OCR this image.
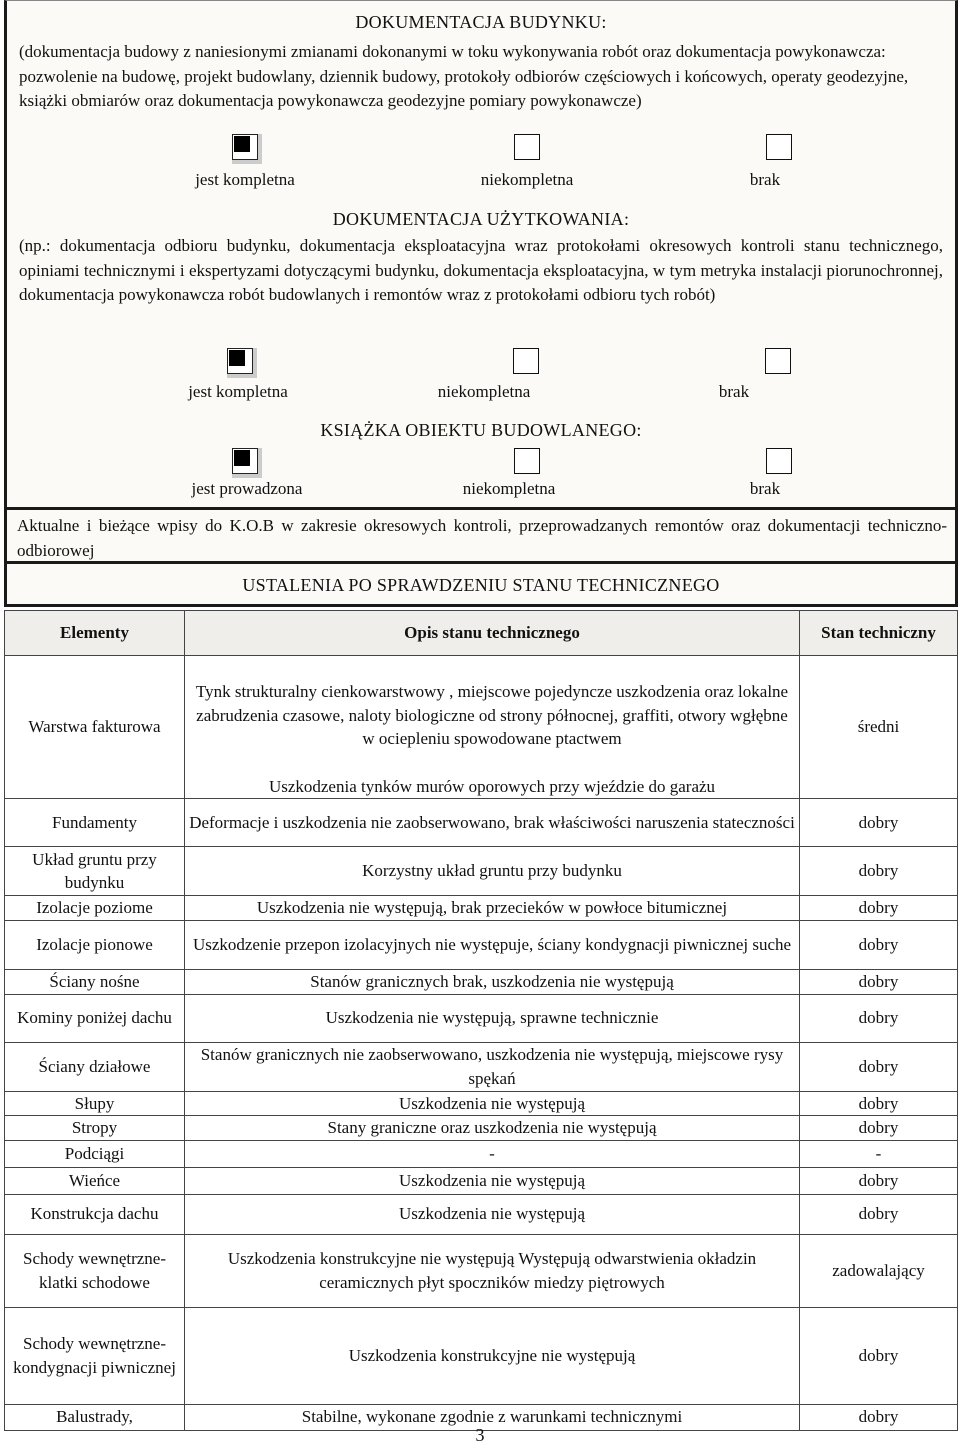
DOKUMENTACJA BUDYNKU:
(dokumentacja budowy z naniesionymi zmianami dokonanymi w toku wykonywania robót oraz dokumentacja powykonawcza: pozwolenie na budowę, projekt budowlany, dziennik budowy, protokoły odbiorów częściowych i końcowych, operaty geodezyjne, książki obmiarów oraz dokumentacja powykonawcza geodezyjne pomiary powykonawcze)
jest kompletna	niekompletna	brak
DOKUMENTACJA UŻYTKOWANIA:
(np.: dokumentacja odbioru budynku, dokumentacja eksploatacyjna wraz protokołami okresowych kontroli stanu technicznego, opiniami technicznymi i ekspertyzami dotyczącymi budynku, dokumentacja eksploatacyjna, w tym metryka instalacji piorunochronnej, dokumentacja powykonawcza robót budowlanych i remontów wraz z protokołami odbioru tych robót)
jest kompletna	niekompletna	brak
KSIĄŻKA OBIEKTU BUDOWLANEGO:
jest prowadzona	niekompletna	brak
Aktualne i bieżące wpisy do K.O.B w zakresie okresowych kontroli, przeprowadzanych remontów oraz dokumentacji techniczno- odbiorowej
USTALENIA PO SPRAWDZENIU STANU TECHNICZNEGO
Elementy	Opis stanu technicznego	Stan techniczny
Warstwa fakturowa	Tynk strukturalny cienkowarstwowy , miejscowe pojedyncze uszkodzenia oraz lokalne zabrudzenia czasowe, naloty biologiczne od strony północnej, graffiti, otwory wgłębne w ociepleniu spowodowane ptactwem	średni
	Uszkodzenia tynków murów oporowych przy wjeździe do garażu	
Fundamenty	Deformacje i uszkodzenia nie zaobserwowano, brak właściwości naruszenia stateczności	dobry
Układ gruntu przy budynku	Korzystny układ gruntu przy budynku	dobry
Izolacje poziome	Uszkodzenia nie występują, brak przecieków w powłoce bitumicznej	dobry
Izolacje pionowe	Uszkodzenie przepon izolacyjnych nie występuje, ściany kondygnacji piwnicznej suche	dobry
Ściany nośne	Stanów granicznych brak, uszkodzenia nie występują	dobry
Kominy poniżej dachu	Uszkodzenia nie występują, sprawne technicznie	dobry
Ściany działowe	Stanów granicznych nie zaobserwowano, uszkodzenia nie występują, miejscowe rysy spękań	dobry
Słupy	Uszkodzenia nie występują	dobry
Stropy	Stany graniczne oraz uszkodzenia nie występują	dobry
Podciągi	-	-
Wieńce	Uszkodzenia nie występują	dobry
Konstrukcja dachu	Uszkodzenia nie występują	dobry
Schody wewnętrzne- klatki schodowe	Uszkodzenia konstrukcyjne nie występują Występują odwarstwienia okładzin ceramicznych płyt spoczników miedzy piętrowych	zadowalający
Schody wewnętrzne- kondygnacji piwnicznej	Uszkodzenia konstrukcyjne nie występują	dobry
Balustrady,	Stabilne, wykonane zgodnie z warunkami technicznymi	dobry
3
